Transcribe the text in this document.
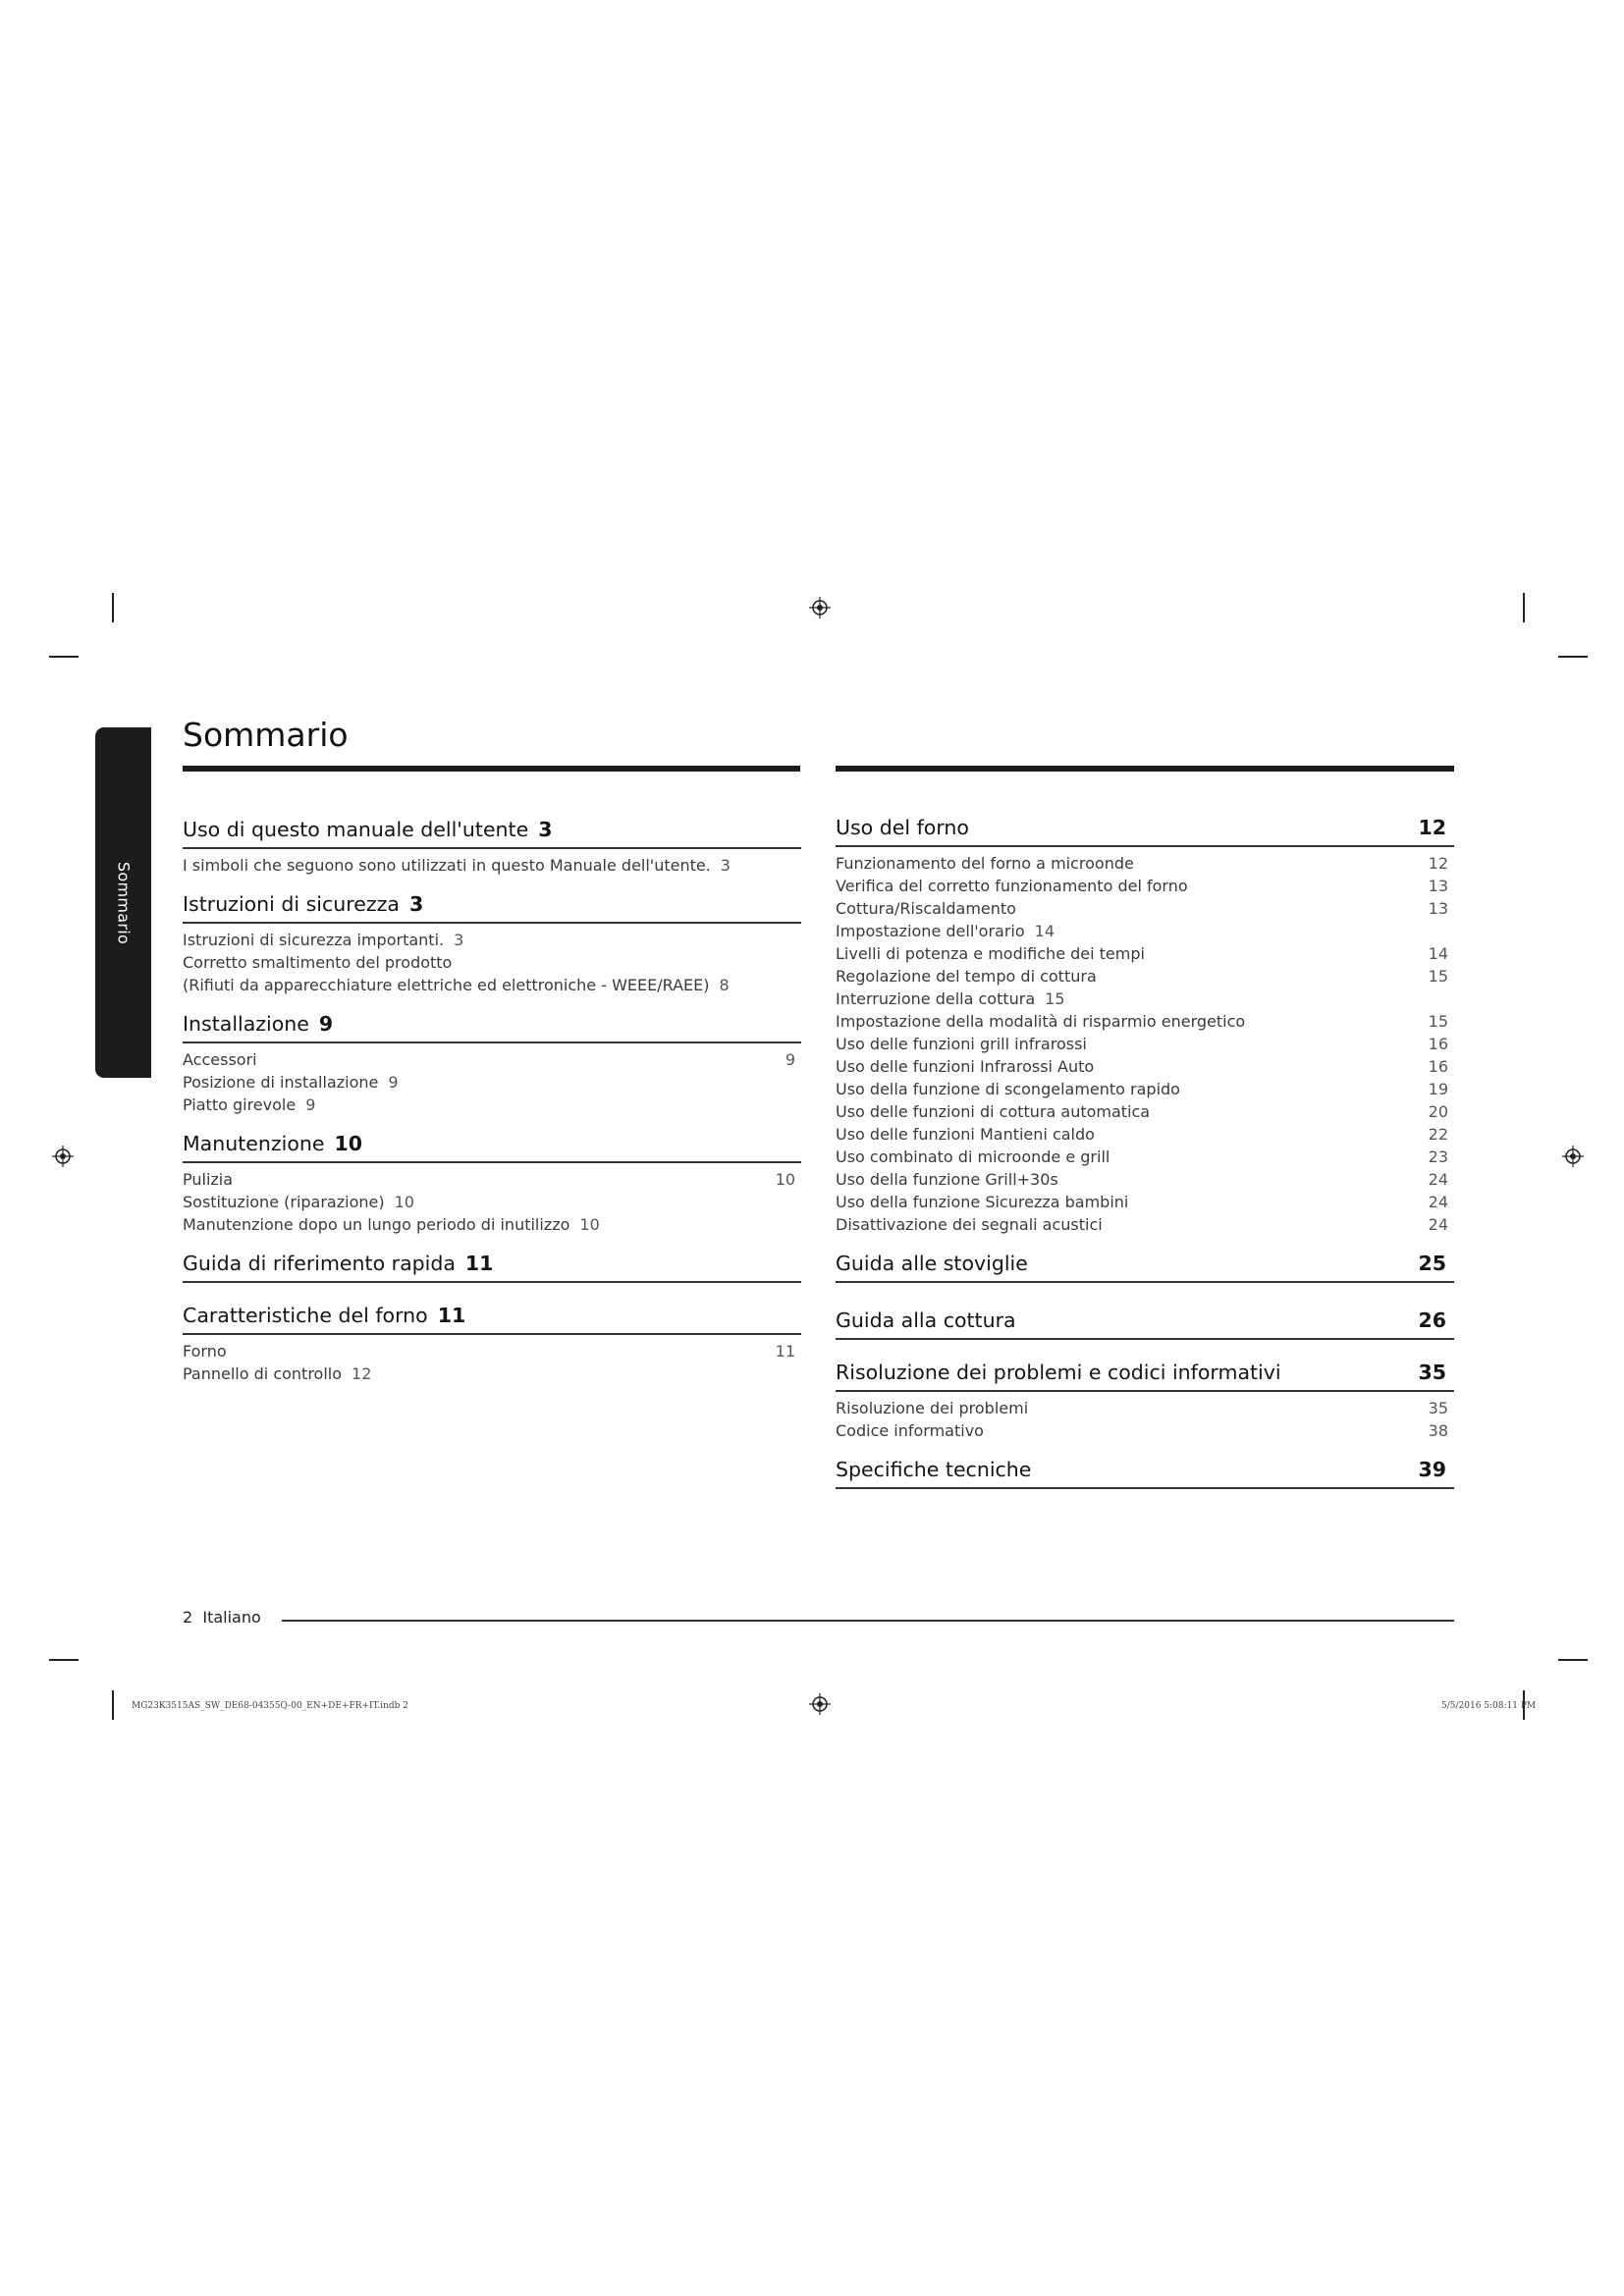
Sommario
Sommario
Uso di questo manuale dell'utente 3
I simboli che seguono sono utilizzati in questo Manuale dell'utente. 3
Istruzioni di sicurezza 3
Istruzioni di sicurezza importanti. 3
Corretto smaltimento del prodotto
(Rifiuti da apparecchiature elettriche ed elettroniche - WEEE/RAEE) 8
Installazione 9
Accessori	9
Posizione di installazione 9
Piatto girevole 9
Manutenzione 10
Pulizia	10
Sostituzione (riparazione) 10
Manutenzione dopo un lungo periodo di inutilizzo 10
Guida di riferimento rapida 11
Caratteristiche del forno 11
Forno	11
Pannello di controllo 12
Uso del forno	12
Funzionamento del forno a microonde	12
Verifica del corretto funzionamento del forno	13
Cottura/Riscaldamento	13
Impostazione dell'orario 14
Livelli di potenza e modifiche dei tempi	14
Regolazione del tempo di cottura	15
Interruzione della cottura 15
Impostazione della modalità di risparmio energetico	15
Uso delle funzioni grill infrarossi	16
Uso delle funzioni Infrarossi Auto	16
Uso della funzione di scongelamento rapido	19
Uso delle funzioni di cottura automatica	20
Uso delle funzioni Mantieni caldo	22
Uso combinato di microonde e grill	23
Uso della funzione Grill+30s	24
Uso della funzione Sicurezza bambini	24
Disattivazione dei segnali acustici	24
Guida alle stoviglie	25
Guida alla cottura	26
Risoluzione dei problemi e codici informativi	35
Risoluzione dei problemi	35
Codice informativo	38
Specifiche tecniche	39
2 Italiano
MG23K3515AS_SW_DE68-04355Q-00_EN+DE+FR+IT.indb 2	5/5/2016 5:08:11 PM
